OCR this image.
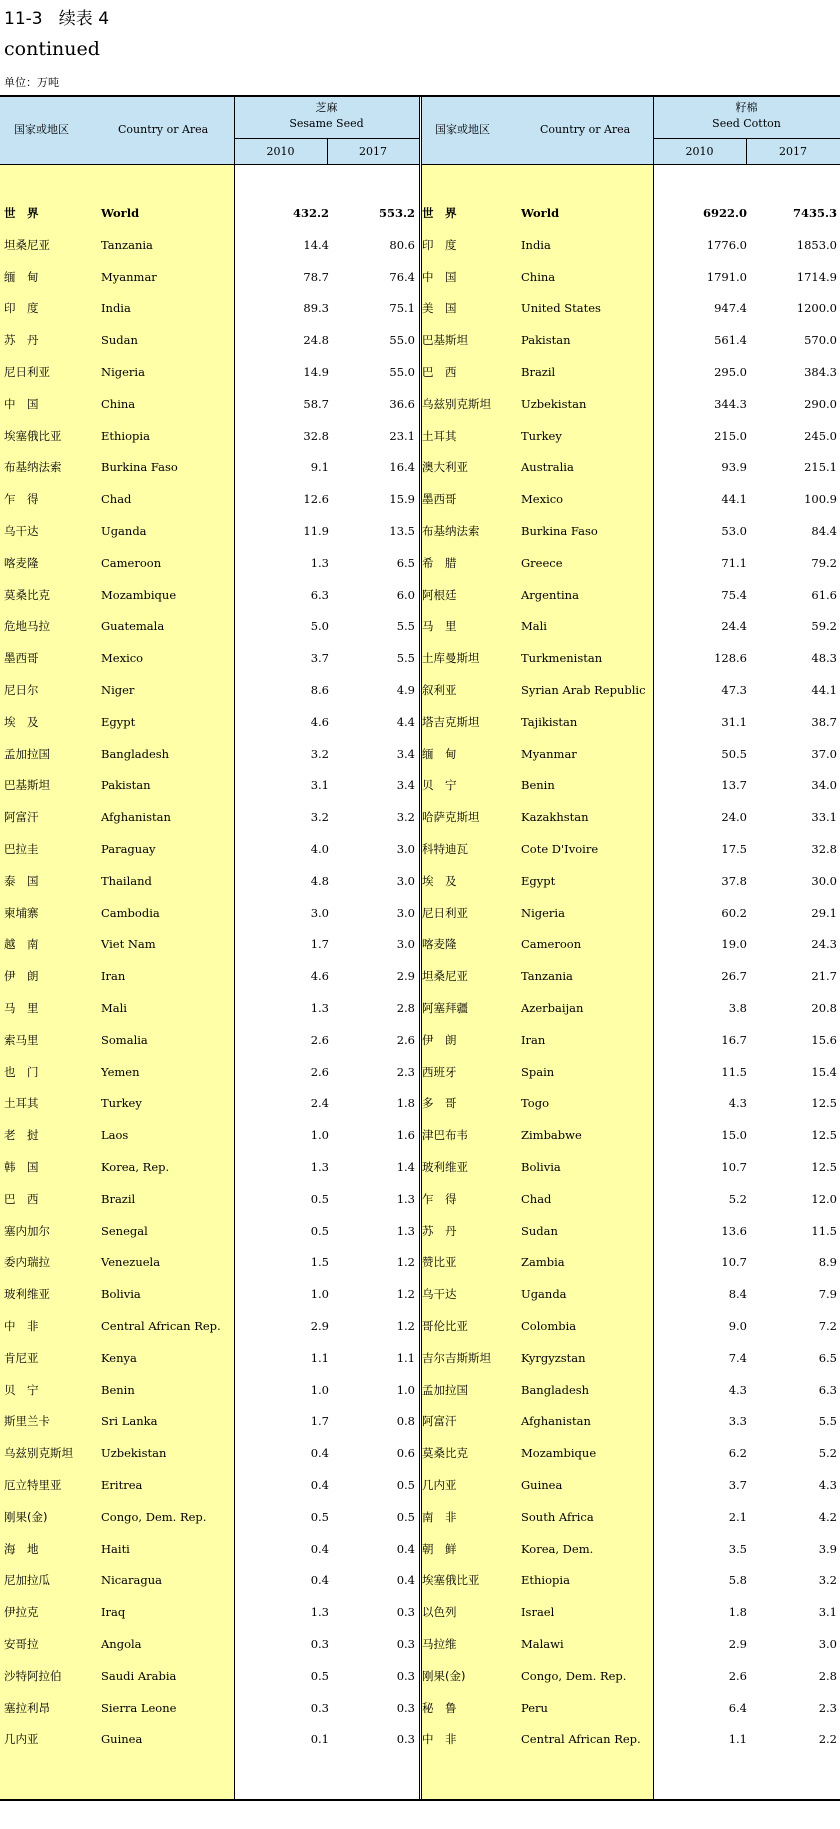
11-3   续表 4
continued
单位：万吨
国家或地区	Country or Area
芝麻
Sesame Seed
2010	2017
国家或地区	Country or Area
籽棉
Seed Cotton
2010	2017
世　界	World	432.2	553.2
坦桑尼亚	Tanzania	14.4	80.6
缅　甸	Myanmar	78.7	76.4
印　度	India	89.3	75.1
苏　丹	Sudan	24.8	55.0
尼日利亚	Nigeria	14.9	55.0
中　国	China	58.7	36.6
埃塞俄比亚	Ethiopia	32.8	23.1
布基纳法索	Burkina Faso	9.1	16.4
乍　得	Chad	12.6	15.9
乌干达	Uganda	11.9	13.5
喀麦隆	Cameroon	1.3	6.5
莫桑比克	Mozambique	6.3	6.0
危地马拉	Guatemala	5.0	5.5
墨西哥	Mexico	3.7	5.5
尼日尔	Niger	8.6	4.9
埃　及	Egypt	4.6	4.4
孟加拉国	Bangladesh	3.2	3.4
巴基斯坦	Pakistan	3.1	3.4
阿富汗	Afghanistan	3.2	3.2
巴拉圭	Paraguay	4.0	3.0
泰　国	Thailand	4.8	3.0
柬埔寨	Cambodia	3.0	3.0
越　南	Viet Nam	1.7	3.0
伊　朗	Iran	4.6	2.9
马　里	Mali	1.3	2.8
索马里	Somalia	2.6	2.6
也　门	Yemen	2.6	2.3
土耳其	Turkey	2.4	1.8
老　挝	Laos	1.0	1.6
韩　国	Korea, Rep.	1.3	1.4
巴　西	Brazil	0.5	1.3
塞内加尔	Senegal	0.5	1.3
委内瑞拉	Venezuela	1.5	1.2
玻利维亚	Bolivia	1.0	1.2
中　非	Central African Rep.	2.9	1.2
肯尼亚	Kenya	1.1	1.1
贝　宁	Benin	1.0	1.0
斯里兰卡	Sri Lanka	1.7	0.8
乌兹别克斯坦 Uzbekistan	0.4	0.6
厄立特里亚	Eritrea	0.4	0.5
刚果(金)	Congo, Dem. Rep.	0.5	0.5
海　地	Haiti	0.4	0.4
尼加拉瓜	Nicaragua	0.4	0.4
伊拉克	Iraq	1.3	0.3
安哥拉	Angola	0.3	0.3
沙特阿拉伯	Saudi Arabia	0.5	0.3
塞拉利昂	Sierra Leone	0.3	0.3
几内亚	Guinea	0.1	0.3
世　界	World	6922.0	7435.3
印　度	India	1776.0	1853.0
中　国	China	1791.0	1714.9
美　国	United States	947.4	1200.0
巴基斯坦	Pakistan	561.4	570.0
巴　西	Brazil	295.0	384.3
乌兹别克斯坦	Uzbekistan	344.3	290.0
土耳其	Turkey	215.0	245.0
澳大利亚	Australia	93.9	215.1
墨西哥	Mexico	44.1	100.9
布基纳法索	Burkina Faso	53.0	84.4
希　腊	Greece	71.1	79.2
阿根廷	Argentina	75.4	61.6
马　里	Mali	24.4	59.2
土库曼斯坦	Turkmenistan	128.6	48.3
叙利亚	Syrian Arab Republic	47.3	44.1
塔吉克斯坦	Tajikistan	31.1	38.7
缅　甸	Myanmar	50.5	37.0
贝　宁	Benin	13.7	34.0
哈萨克斯坦	Kazakhstan	24.0	33.1
科特迪瓦	Cote D'Ivoire	17.5	32.8
埃　及	Egypt	37.8	30.0
尼日利亚	Nigeria	60.2	29.1
喀麦隆	Cameroon	19.0	24.3
坦桑尼亚	Tanzania	26.7	21.7
阿塞拜疆	Azerbaijan	3.8	20.8
伊　朗	Iran	16.7	15.6
西班牙	Spain	11.5	15.4
多　哥	Togo	4.3	12.5
津巴布韦	Zimbabwe	15.0	12.5
玻利维亚	Bolivia	10.7	12.5
乍　得	Chad	5.2	12.0
苏　丹	Sudan	13.6	11.5
赞比亚	Zambia	10.7	8.9
乌干达	Uganda	8.4	7.9
哥伦比亚	Colombia	9.0	7.2
吉尔吉斯斯坦	Kyrgyzstan	7.4	6.5
孟加拉国	Bangladesh	4.3	6.3
阿富汗	Afghanistan	3.3	5.5
莫桑比克	Mozambique	6.2	5.2
几内亚	Guinea	3.7	4.3
南　非	South Africa	2.1	4.2
朝　鲜	Korea, Dem.	3.5	3.9
埃塞俄比亚	Ethiopia	5.8	3.2
以色列	Israel	1.8	3.1
马拉维	Malawi	2.9	3.0
刚果(金)	Congo, Dem. Rep.	2.6	2.8
秘　鲁	Peru	6.4	2.3
中　非	Central African Rep.	1.1	2.2
